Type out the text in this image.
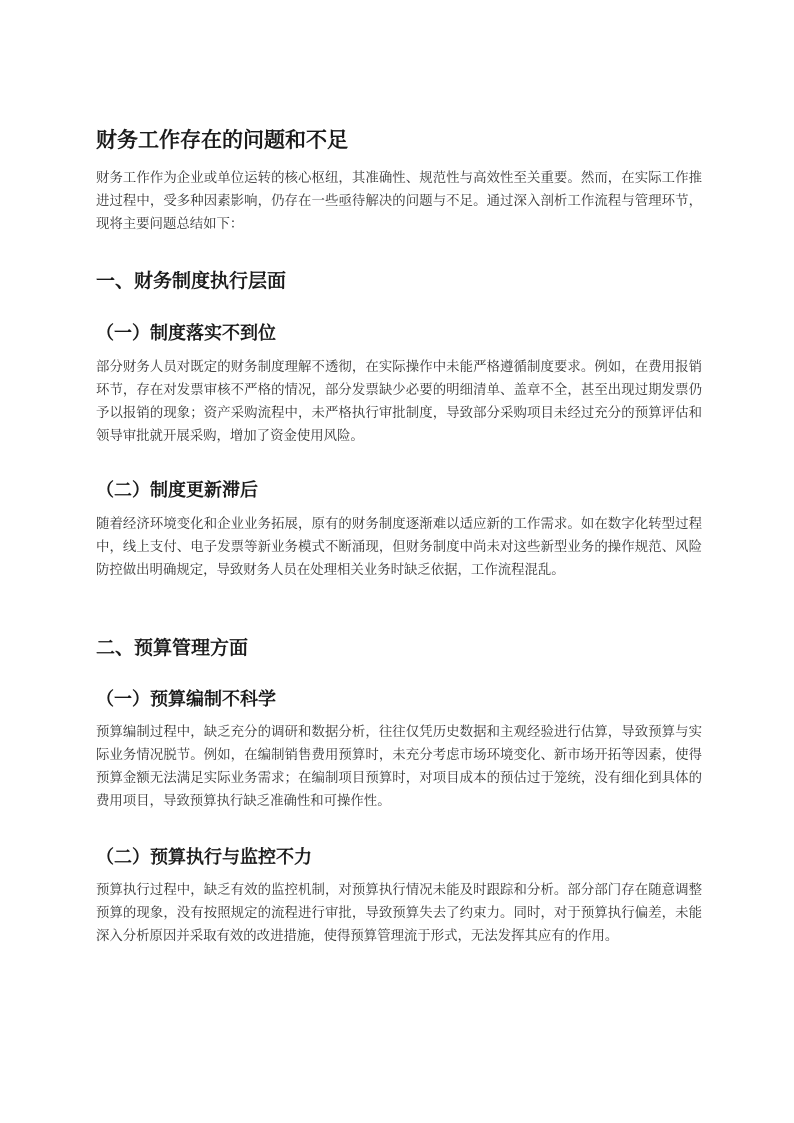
财务工作存在的问题和不足

财务工作作为企业或单位运转的核心枢纽，其准确性、规范性与高效性至关重要。然而，在实际工作推进过程中，受多种因素影响，仍存在一些亟待解决的问题与不足。通过深入剖析工作流程与管理环节，现将主要问题总结如下：

一、财务制度执行层面
（一）制度落实不到位

部分财务人员对既定的财务制度理解不透彻，在实际操作中未能严格遵循制度要求。例如，在费用报销环节，存在对发票审核不严格的情况，部分发票缺少必要的明细清单、盖章不全，甚至出现过期发票仍予以报销的现象；资产采购流程中，未严格执行审批制度，导致部分采购项目未经过充分的预算评估和领导审批就开展采购，增加了资金使用风险。

（二）制度更新滞后

随着经济环境变化和企业业务拓展，原有的财务制度逐渐难以适应新的工作需求。如在数字化转型过程中，线上支付、电子发票等新业务模式不断涌现，但财务制度中尚未对这些新型业务的操作规范、风险防控做出明确规定，导致财务人员在处理相关业务时缺乏依据，工作流程混乱。

二、预算管理方面
（一）预算编制不科学

预算编制过程中，缺乏充分的调研和数据分析，往往仅凭历史数据和主观经验进行估算，导致预算与实际业务情况脱节。例如，在编制销售费用预算时，未充分考虑市场环境变化、新市场开拓等因素，使得预算金额无法满足实际业务需求；在编制项目预算时，对项目成本的预估过于笼统，没有细化到具体的费用项目，导致预算执行缺乏准确性和可操作性。

（二）预算执行与监控不力

预算执行过程中，缺乏有效的监控机制，对预算执行情况未能及时跟踪和分析。部分部门存在随意调整预算的现象，没有按照规定的流程进行审批，导致预算失去了约束力。同时，对于预算执行偏差，未能深入分析原因并采取有效的改进措施，使得预算管理流于形式，无法发挥其应有的作用。
